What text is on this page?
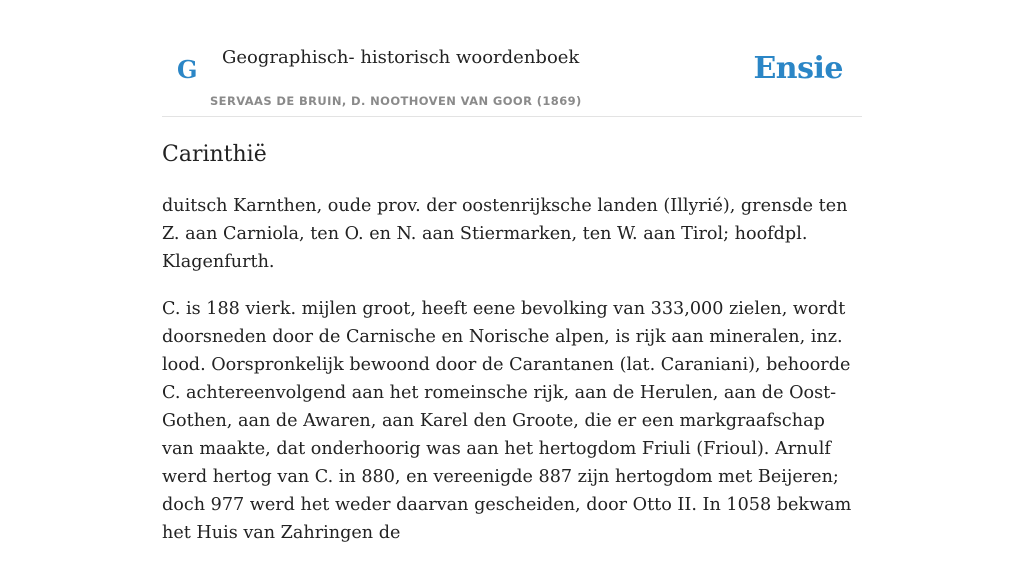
G Geographisch- historisch woordenboek
SERVAAS DE BRUIN, D. NOOTHOVEN VAN GOOR (1869)
Ensie
Carinthië

duitsch Karnthen, oude prov. der oostenrijksche landen (Illyrié), grensde ten Z. aan Carniola, ten O. en N. aan Stiermarken, ten W. aan Tirol; hoofdpl. Klagenfurth.

C. is 188 vierk. mijlen groot, heeft eene bevolking van 333,000 zielen, wordt doorsneden door de Carnische en Norische alpen, is rijk aan mineralen, inz. lood. Oorspronkelijk bewoond door de Carantanen (lat. Caraniani), behoorde C. achtereenvolgend aan het romeinsche rijk, aan de Herulen, aan de Oost-Gothen, aan de Awaren, aan Karel den Groote, die er een markgraafschap van maakte, dat onderhoorig was aan het hertogdom Friuli (Frioul). Arnulf werd hertog van C. in 880, en vereenigde 887 zijn hertogdom met Beijeren; doch 977 werd het weder daarvan gescheiden, door Otto II. In 1058 bekwam het Huis van Zahringen de
